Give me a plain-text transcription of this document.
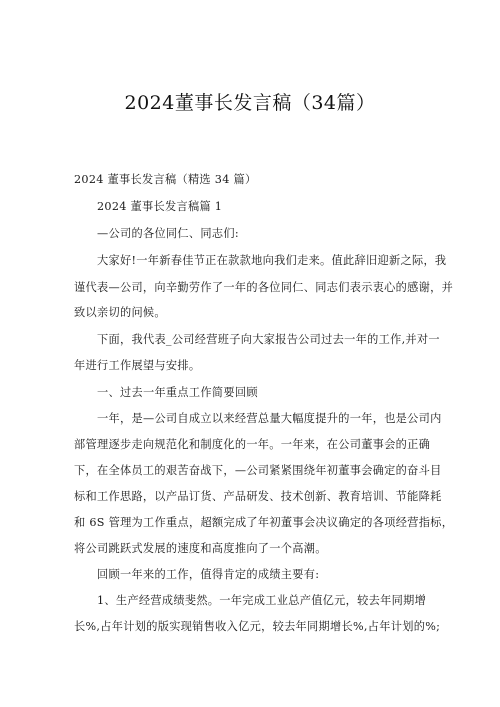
2024董事长发言稿（34篇）
2024 董事长发言稿（精选 34 篇）
2024 董事长发言稿篇 1
—公司的各位同仁、同志们:
大家好!一年新春佳节正在款款地向我们走来。值此辞旧迎新之际，我
谨代表—公司，向辛勤劳作了一年的各位同仁、同志们表示衷心的感谢，并
致以亲切的问候。
下面，我代表_公司经营班子向大家报告公司过去一年的工作,并对一
年进行工作展望与安排。
一、过去一年重点工作简要回顾
一年，是—公司自成立以来经营总量大幅度提升的一年，也是公司内
部管理逐步走向规范化和制度化的一年。一年来，在公司董事会的正确
下，在全体员工的艰苦奋战下，—公司紧紧围绕年初董事会确定的奋斗目
标和工作思路，以产品订货、产品研发、技术创新、教育培训、节能降耗
和 6S 管理为工作重点，超额完成了年初董事会决议确定的各项经营指标，
将公司跳跃式发展的速度和高度推向了一个高潮。
回顾一年来的工作，值得肯定的成绩主要有:
1、生产经营成绩斐然。一年完成工业总产值亿元，较去年同期增
长%,占年计划的版实现销售收入亿元，较去年同期增长%,占年计划的%;
